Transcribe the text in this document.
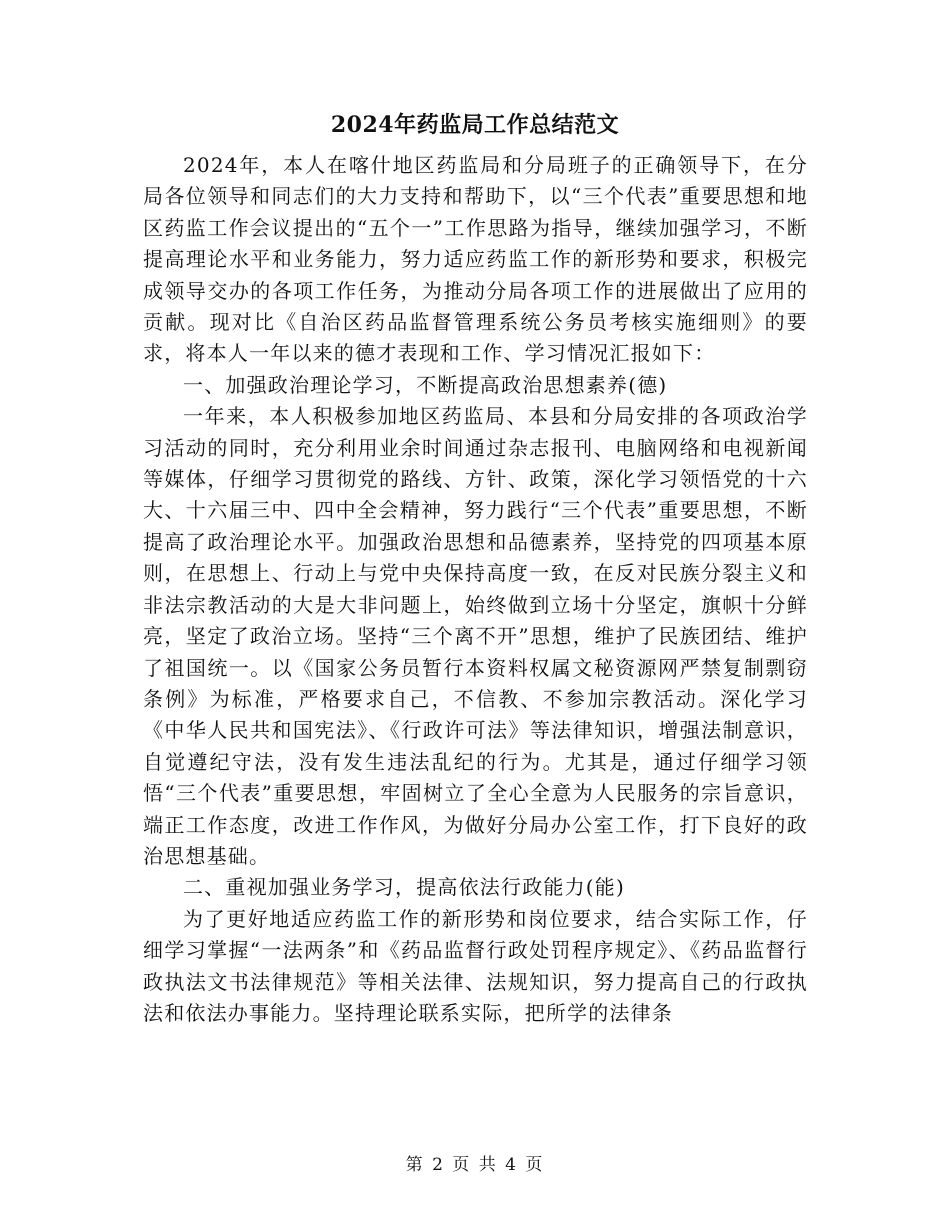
2024年药监局工作总结范文

2024年，本人在喀什地区药监局和分局班子的正确领导下，在分局各位领导和同志们的大力支持和帮助下，以“三个代表”重要思想和地区药监工作会议提出的“五个一”工作思路为指导，继续加强学习，不断提高理论水平和业务能力，努力适应药监工作的新形势和要求，积极完成领导交办的各项工作任务，为推动分局各项工作的进展做出了应用的贡献。现对比《自治区药品监督管理系统公务员考核实施细则》的要求，将本人一年以来的德才表现和工作、学习情况汇报如下：

一、加强政治理论学习，不断提高政治思想素养(德)

一年来，本人积极参加地区药监局、本县和分局安排的各项政治学习活动的同时，充分利用业余时间通过杂志报刊、电脑网络和电视新闻等媒体，仔细学习贯彻党的路线、方针、政策，深化学习领悟党的十六大、十六届三中、四中全会精神，努力践行“三个代表”重要思想，不断提高了政治理论水平。加强政治思想和品德素养，坚持党的四项基本原则，在思想上、行动上与党中央保持高度一致，在反对民族分裂主义和非法宗教活动的大是大非问题上，始终做到立场十分坚定，旗帜十分鲜亮，坚定了政治立场。坚持“三个离不开”思想，维护了民族团结、维护了祖国统一。以《国家公务员暂行本资料权属文秘资源网严禁复制剽窃条例》为标准，严格要求自己，不信教、不参加宗教活动。深化学习《中华人民共和国宪法》、《行政许可法》等法律知识，增强法制意识，自觉遵纪守法，没有发生违法乱纪的行为。尤其是，通过仔细学习领悟“三个代表”重要思想，牢固树立了全心全意为人民服务的宗旨意识，端正工作态度，改进工作作风，为做好分局办公室工作，打下良好的政治思想基础。

二、重视加强业务学习，提高依法行政能力(能)

为了更好地适应药监工作的新形势和岗位要求，结合实际工作，仔细学习掌握“一法两条”和《药品监督行政处罚程序规定》、《药品监督行政执法文书法律规范》等相关法律、法规知识，努力提高自己的行政执法和依法办事能力。坚持理论联系实际，把所学的法律条

第 2 页 共 4 页
